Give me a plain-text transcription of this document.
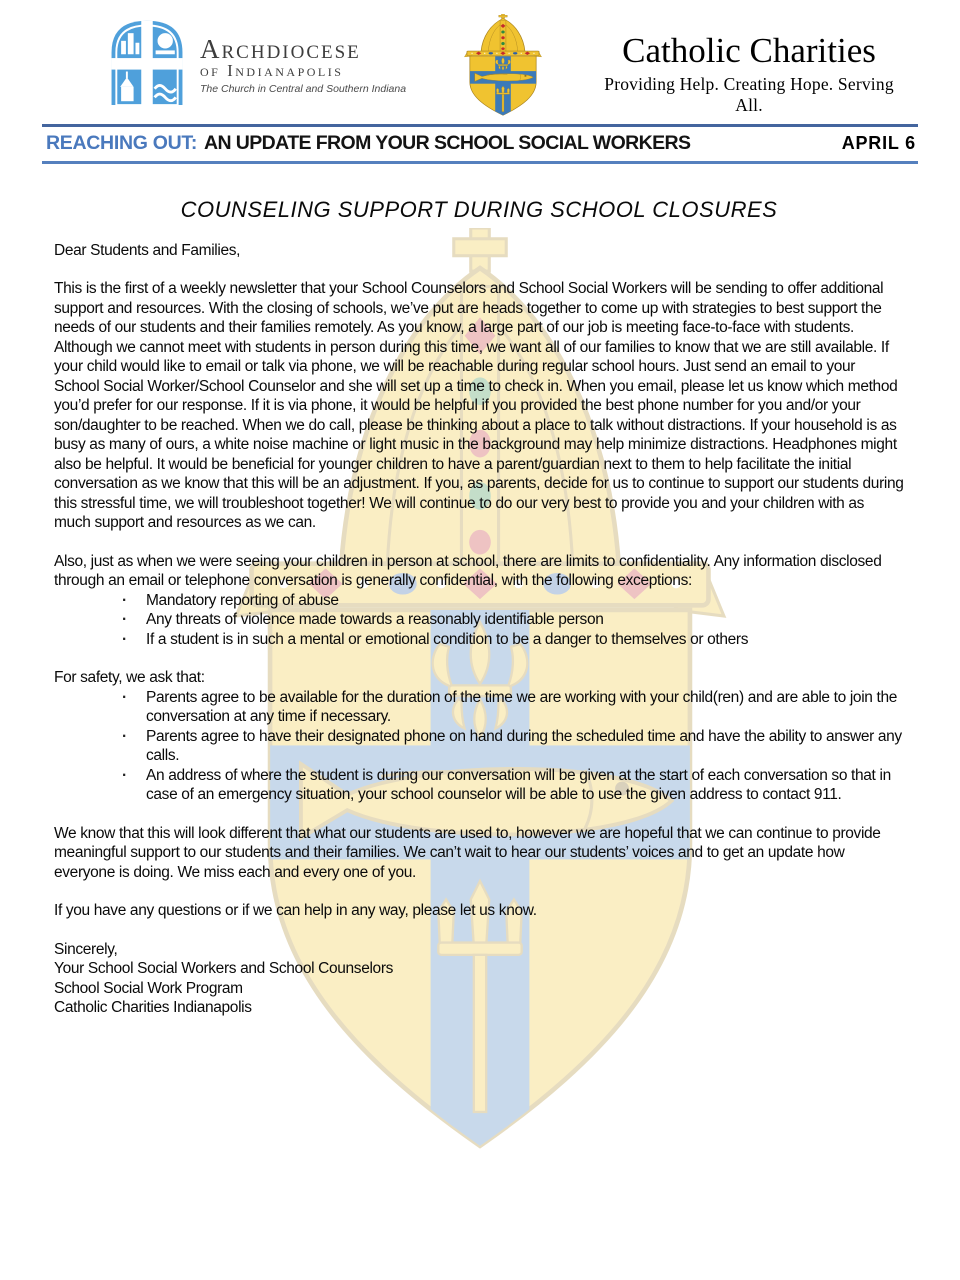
Archdiocese
of Indianapolis
The Church in Central and Southern Indiana
Catholic Charities
Providing Help. Creating Hope. Serving All.
REACHING OUT: AN UPDATE FROM YOUR SCHOOL SOCIAL WORKERS	APRIL 6
COUNSELING SUPPORT DURING SCHOOL CLOSURES

Dear Students and Families,

This is the first of a weekly newsletter that your School Counselors and School Social Workers will be sending to offer additional support and resources. With the closing of schools, we’ve put are heads together to come up with strategies to best support the needs of our students and their families remotely. As you know, a large part of our job is meeting face-to-face with students. Although we cannot meet with students in person during this time, we want all of our families to know that we are still available. If your child would like to email or talk via phone, we will be reachable during regular school hours. Just send an email to your School Social Worker/School Counselor and she will set up a time to check in. When you email, please let us know which method you’d prefer for our response. If it is via phone, it would be helpful if you provided the best phone number for you and/or your son/daughter to be reached. When we do call, please be thinking about a place to talk without distractions. If your household is as busy as many of ours, a white noise machine or light music in the background may help minimize distractions. Headphones might also be helpful. It would be beneficial for younger children to have a parent/guardian next to them to help facilitate the initial conversation as we know that this will be an adjustment. If you, as parents, decide for us to continue to support our students during this stressful time, we will troubleshoot together! We will continue to do our very best to provide you and your children with as much support and resources as we can.

Also, just as when we were seeing your children in person at school, there are limits to confidentiality. Any information disclosed through an email or telephone conversation is generally confidential, with the following exceptions:

· Mandatory reporting of abuse
· Any threats of violence made towards a reasonably identifiable person
· If a student is in such a mental or emotional condition to be a danger to themselves or others

For safety, we ask that:

· Parents agree to be available for the duration of the time we are working with your child(ren) and are able to join the conversation at any time if necessary.
· Parents agree to have their designated phone on hand during the scheduled time and have the ability to answer any calls.
· An address of where the student is during our conversation will be given at the start of each conversation so that in case of an emergency situation, your school counselor will be able to use the given address to contact 911.

We know that this will look different that what our students are used to, however we are hopeful that we can continue to provide meaningful support to our students and their families. We can’t wait to hear our students’ voices and to get an update how everyone is doing. We miss each and every one of you.

If you have any questions or if we can help in any way, please let us know.

Sincerely,

Your School Social Workers and School Counselors

School Social Work Program

Catholic Charities Indianapolis
